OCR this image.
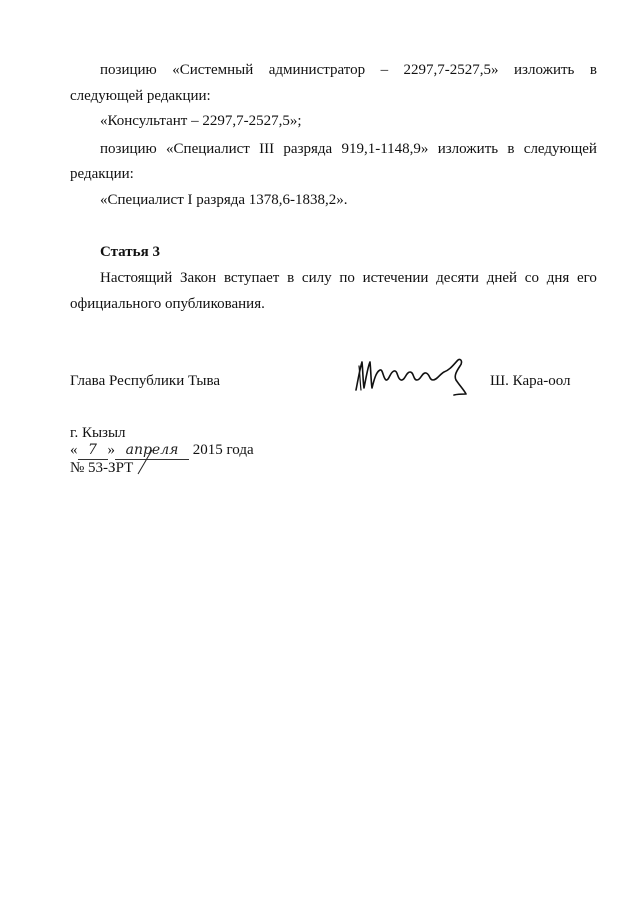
позицию «Системный администратор – 2297,7-2527,5» изложить в
следующей редакции:
«Консультант – 2297,7-2527,5»;
позицию «Специалист III разряда 919,1-1148,9» изложить в следующей
редакции:
«Специалист I разряда 1378,6-1838,2».
Статья 3
Настоящий Закон вступает в силу по истечении десяти дней со дня его
официального опубликования.
Глава Республики Тыва	Ш. Кара-оол
г. Кызыл
« 7 » апреля 2015 года
№ 53-ЗРТ
